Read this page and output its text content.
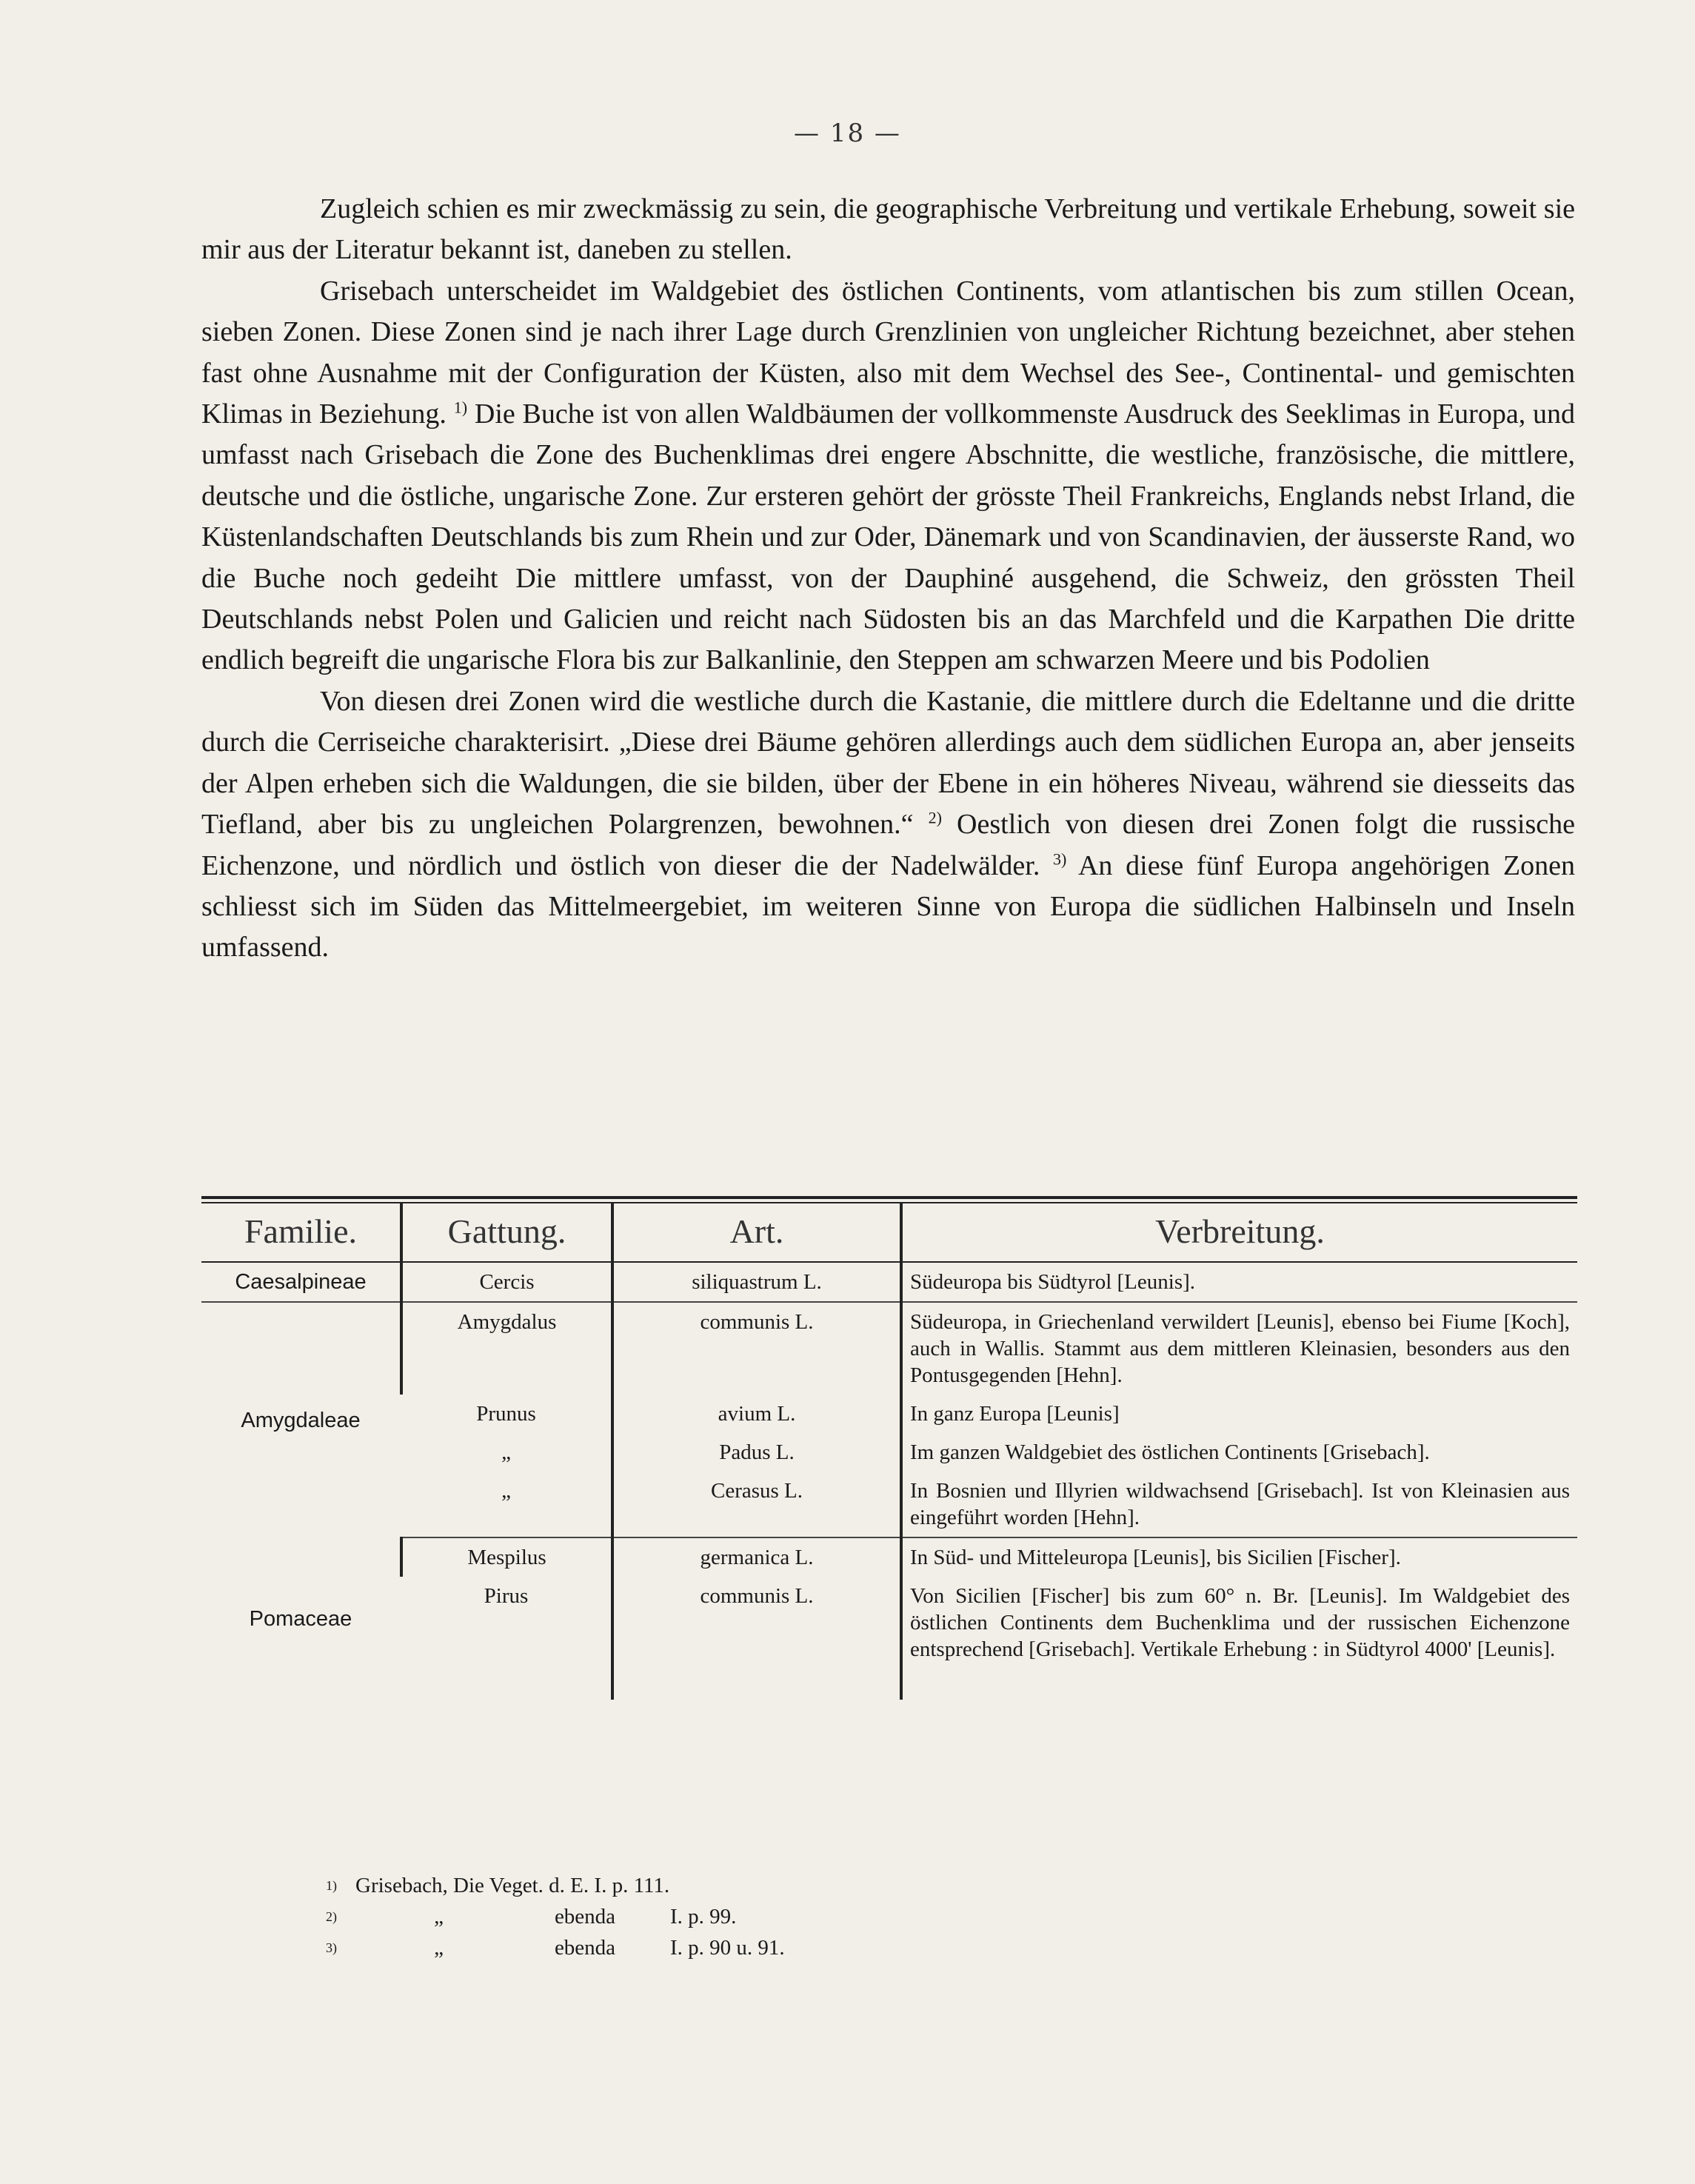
— 18 —

Zugleich schien es mir zweckmässig zu sein, die geographische Verbreitung und vertikale Erhebung, soweit sie mir aus der Literatur bekannt ist, daneben zu stellen.

Grisebach unterscheidet im Waldgebiet des östlichen Continents, vom atlantischen bis zum stillen Ocean, sieben Zonen. Diese Zonen sind je nach ihrer Lage durch Grenzlinien von ungleicher Richtung bezeichnet, aber stehen fast ohne Ausnahme mit der Configuration der Küsten, also mit dem Wechsel des See-, Continental- und gemischten Klimas in Beziehung. $^{1)}$ Die Buche ist von allen Waldbäumen der vollkommenste Ausdruck des Seeklimas in Europa, und umfasst nach Grisebach die Zone des Buchenklimas drei engere Abschnitte, die westliche, französische, die mittlere, deutsche und die östliche, ungarische Zone. Zur ersteren gehört der grösste Theil Frankreichs, Englands nebst Irland, die Küstenlandschaften Deutschlands bis zum Rhein und zur Oder, Dänemark und von Scandinavien, der äusserste Rand, wo die Buche noch gedeiht Die mittlere umfasst, von der Dauphiné ausgehend, die Schweiz, den grössten Theil Deutschlands nebst Polen und Galicien und reicht nach Südosten bis an das Marchfeld und die Karpathen Die dritte endlich begreift die ungarische Flora bis zur Balkanlinie, den Steppen am schwarzen Meere und bis Podolien

Von diesen drei Zonen wird die westliche durch die Kastanie, die mittlere durch die Edeltanne und die dritte durch die Cerriseiche charakterisirt. „Diese drei Bäume gehören allerdings auch dem südlichen Europa an, aber jenseits der Alpen erheben sich die Waldungen, die sie bilden, über der Ebene in ein höheres Niveau, während sie diesseits das Tiefland, aber bis zu ungleichen Polargrenzen, bewohnen.“ $^{2)}$ Oestlich von diesen drei Zonen folgt die russische Eichenzone, und nördlich und östlich von dieser die der Nadelwälder. $^{3)}$ An diese fünf Europa angehörigen Zonen schliesst sich im Süden das Mittelmeergebiet, im weiteren Sinne von Europa die südlichen Halbinseln und Inseln umfassend.

Familie.	Gattung.	Art.	Verbreitung.
Caesalpineae	Cercis	siliquastrum L.	Südeuropa bis Südtyrol [Leunis].
Amygdaleae	Amygdalus	communis L.	Südeuropa, in Griechenland verwildert [Leunis], ebenso bei Fiume [Koch], auch in Wallis. Stammt aus dem mittleren Kleinasien, besonders aus den Pontusgegenden [Hehn].
	Prunus	avium L.	In ganz Europa [Leunis]
	„	Padus L.	Im ganzen Waldgebiet des östlichen Continents [Grisebach].
	„	Cerasus L.	In Bosnien und Illyrien wildwachsend [Grisebach]. Ist von Kleinasien aus eingeführt worden [Hehn].
Pomaceae	Mespilus	germanica L.	In Süd- und Mitteleuropa [Leunis], bis Sicilien [Fischer].
	Pirus	communis L.	Von Sicilien [Fischer] bis zum 60° n. Br. [Leunis]. Im Waldgebiet des östlichen Continents dem Buchenklima und der russischen Eichenzone entsprechend [Grisebach]. Vertikale Erhebung : in Südtyrol 4000' [Leunis].
1) Grisebach, Die Veget. d. E.
I. p. 111.
2)	„	ebenda	I. p. 99.
3)	„	ebenda	I. p. 90 u. 91.
